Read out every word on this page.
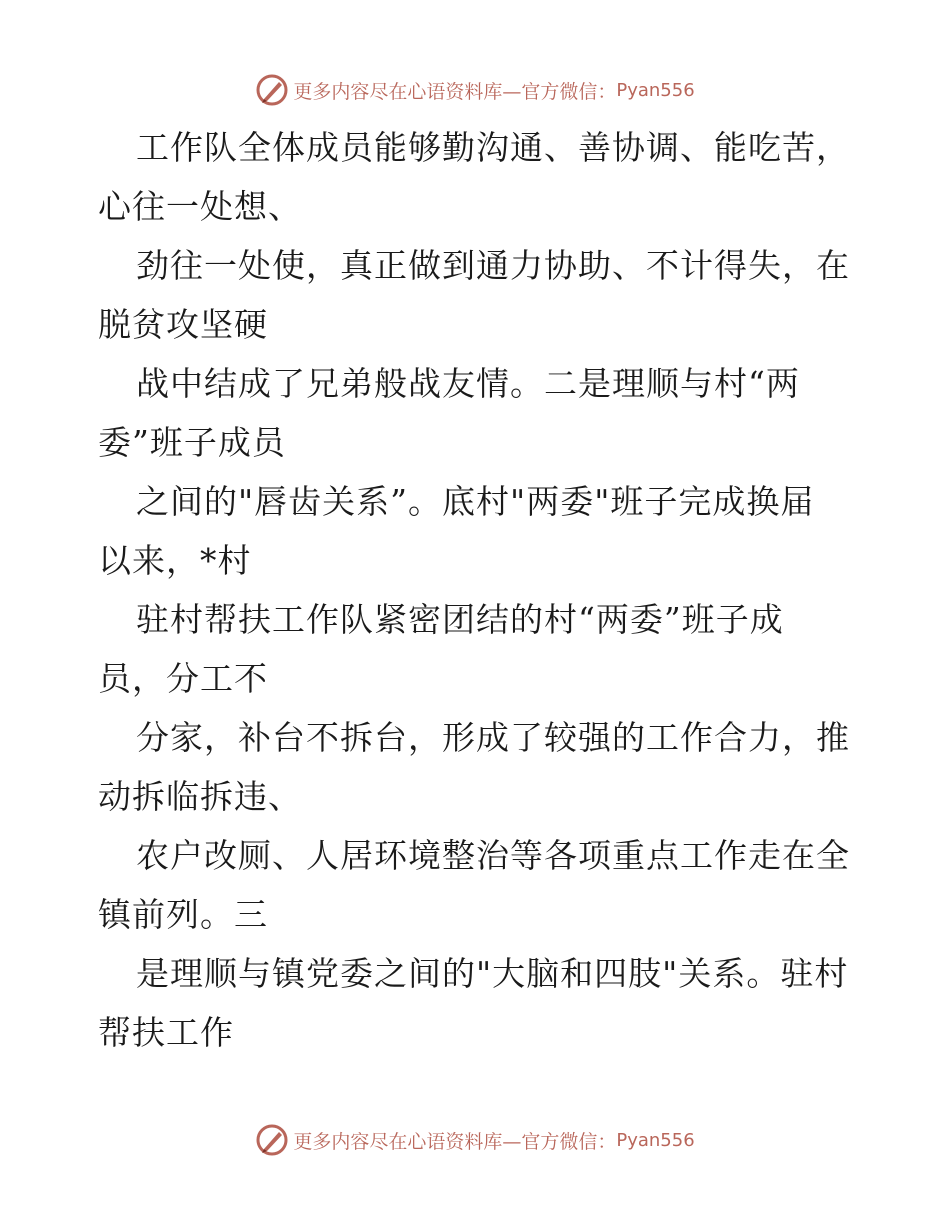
更多内容尽在心语资料库—官方微信： Pyan556

工作队全体成员能够勤沟通、善协调、能吃苦，

心往一处想、

劲往一处使，真正做到通力协助、不计得失，在

脱贫攻坚硬

战中结成了兄弟般战友情。二是理顺与村“两

委”班子成员

之间的"唇齿关系”。底村"两委"班子完成换届

以来，*村

驻村帮扶工作队紧密团结的村“两委”班子成

员，分工不

分家，补台不拆台，形成了较强的工作合力，推

动拆临拆违、

农户改厕、人居环境整治等各项重点工作走在全

镇前列。三

是理顺与镇党委之间的"大脑和四肢"关系。驻村

帮扶工作

更多内容尽在心语资料库—官方微信： Pyan556
